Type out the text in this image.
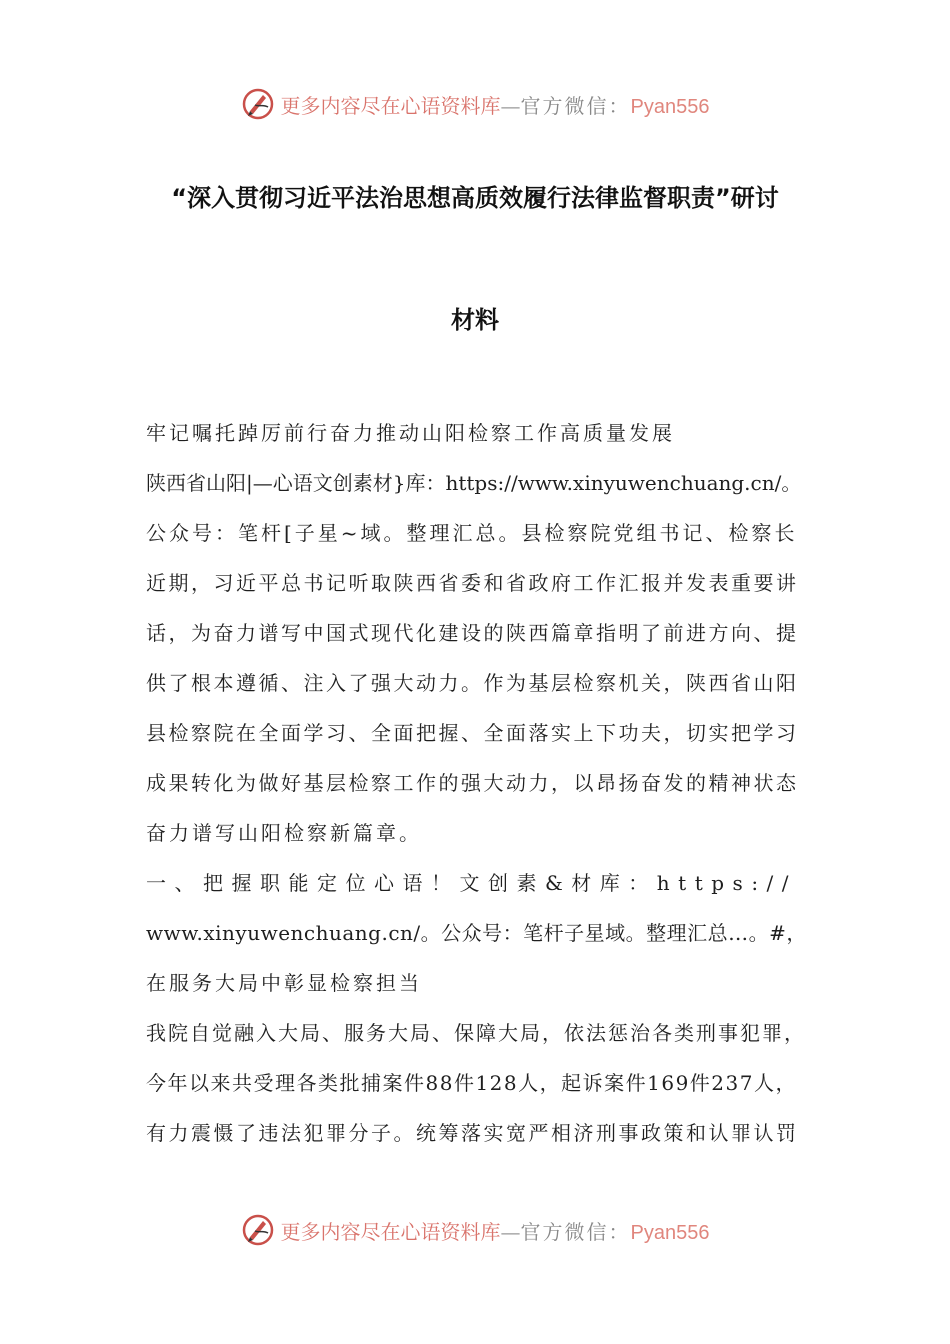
更多内容尽在心语资料库—官方微信：Pyan556
“深入贯彻习近平法治思想高质效履行法律监督职责”研讨
材料
牢记嘱托踔厉前行奋力推动山阳检察工作高质量发展
陕西省山阳|—心语文创素材}库：https://www.xinyuwenchuang.cn/。
公众号：笔杆[子星~域。整理汇总。县检察院党组书记、检察长
近期，习近平总书记听取陕西省委和省政府工作汇报并发表重要讲
话，为奋力谱写中国式现代化建设的陕西篇章指明了前进方向、提
供了根本遵循、注入了强大动力。作为基层检察机关，陕西省山阳
县检察院在全面学习、全面把握、全面落实上下功夫，切实把学习
成果转化为做好基层检察工作的强大动力，以昂扬奋发的精神状态
奋力谱写山阳检察新篇章。
一、把握职能定位心语！文创素&材库：https://
www.xinyuwenchuang.cn/。公众号：笔杆子星域。整理汇总…。#，
在服务大局中彰显检察担当
我院自觉融入大局、服务大局、保障大局，依法惩治各类刑事犯罪，
今年以来共受理各类批捕案件88件128人，起诉案件169件237人，
有力震慑了违法犯罪分子。统筹落实宽严相济刑事政策和认罪认罚
更多内容尽在心语资料库—官方微信：Pyan556
